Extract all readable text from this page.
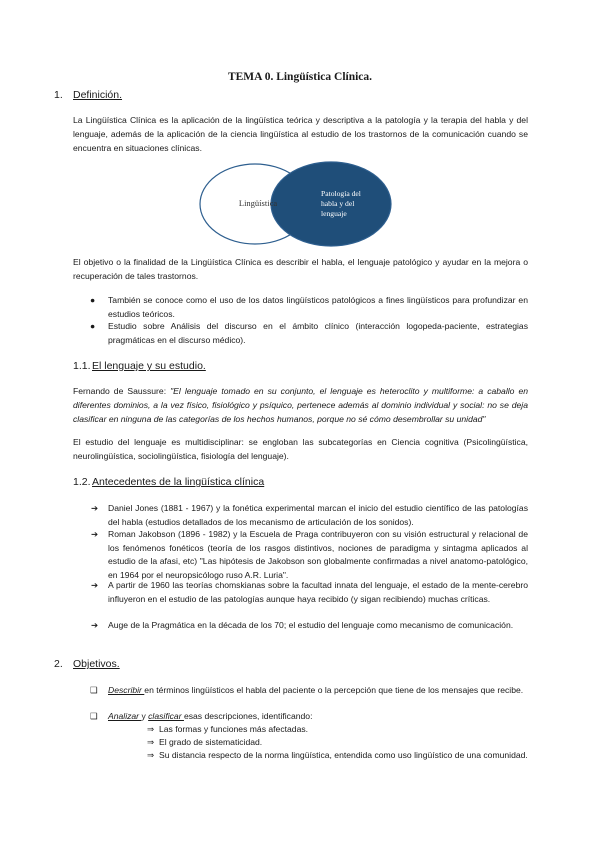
TEMA 0. Lingüística Clínica.
1. Definición.
La Lingüística Clínica es la aplicación de la lingüística teórica y descriptiva a la patología y la terapia del habla y del lenguaje, además de la aplicación de la ciencia lingüística al estudio de los trastornos de la comunicación cuando se encuentra en situaciones clínicas.
Lingüística
Patología del
habla y del
lenguaje
El objetivo o la finalidad de la Lingüística Clínica es describir el habla, el lenguaje patológico y ayudar en la mejora o recuperación de tales trastornos.
● También se conoce como el uso de los datos lingüísticos patológicos a fines lingüísticos para profundizar en estudios teóricos.
● Estudio sobre Análisis del discurso en el ámbito clínico (interacción logopeda-paciente, estrategias pragmáticas en el discurso médico).
1.1. El lenguaje y su estudio.
Fernando de Saussure: "El lenguaje tomado en su conjunto, el lenguaje es heteroclito y multiforme: a caballo en diferentes dominios, a la vez físico, fisiológico y psíquico, pertenece además al dominio individual y social: no se deja clasificar en ninguna de las categorías de los hechos humanos, porque no sé cómo desembrollar su unidad"
El estudio del lenguaje es multidisciplinar: se engloban las subcategorías en Ciencia cognitiva (Psicolingüística, neurolingüística, sociolingüística, fisiología del lenguaje).
1.2. Antecedentes de la lingüística clínica
➔ Daniel Jones (1881 - 1967) y la fonética experimental marcan el inicio del estudio científico de las patologías del habla (estudios detallados de los mecanismo de articulación de los sonidos).
➔ Roman Jakobson (1896 - 1982) y la Escuela de Praga contribuyeron con su visión estructural y relacional de los fenómenos fonéticos (teoría de los rasgos distintivos, nociones de paradigma y sintagma aplicados al estudio de la afasi, etc) "Las hipótesis de Jakobson son globalmente confirmadas a nivel anatomo-patológico, en 1964 por el neuropsicólogo ruso A.R. Luria".
➔ A partir de 1960 las teorías chomskianas sobre la facultad innata del lenguaje, el estado de la mente-cerebro influyeron en el estudio de las patologías aunque haya recibido (y sigan recibiendo) muchas críticas.
➔ Auge de la Pragmática en la década de los 70; el estudio del lenguaje como mecanismo de comunicación.
2. Objetivos.
❑ Describir en términos lingüísticos el habla del paciente o la percepción que tiene de los mensajes que recibe.
❑ Analizar y clasificar esas descripciones, identificando:
⇒ Las formas y funciones más afectadas.
⇒ El grado de sistematicidad.
⇒ Su distancia respecto de la norma lingüística, entendida como uso lingüístico de una comunidad.
